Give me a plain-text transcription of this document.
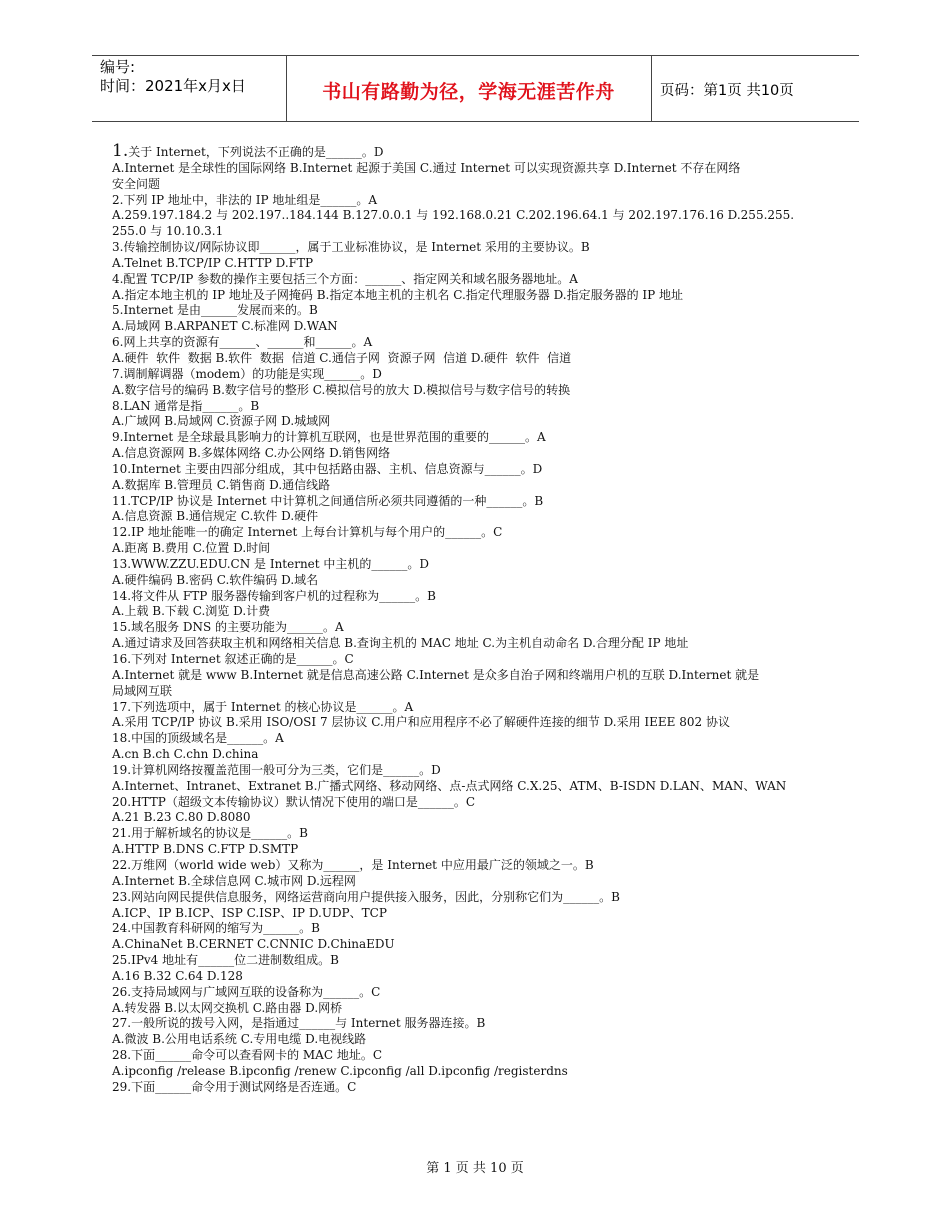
编号:
时间：2021年x月x日	书山有路勤为径，学海无涯苦作舟	页码：第1页 共10页
1.关于 Internet，下列说法不正确的是______。D
A.Internet 是全球性的国际网络 B.Internet 起源于美国 C.通过 Internet 可以实现资源共享 D.Internet 不存在网络
安全问题
2.下列 IP 地址中，非法的 IP 地址组是______。A
A.259.197.184.2 与 202.197..184.144 B.127.0.0.1 与 192.168.0.21 C.202.196.64.1 与 202.197.176.16 D.255.255.
255.0 与 10.10.3.1
3.传输控制协议/网际协议即______，属于工业标准协议，是 Internet 采用的主要协议。B
A.Telnet B.TCP/IP C.HTTP D.FTP
4.配置 TCP/IP 参数的操作主要包括三个方面：______、指定网关和域名服务器地址。A
A.指定本地主机的 IP 地址及子网掩码 B.指定本地主机的主机名 C.指定代理服务器 D.指定服务器的 IP 地址
5.Internet 是由______发展而来的。B
A.局域网 B.ARPANET C.标准网 D.WAN
6.网上共享的资源有______、______和______。A
A.硬件  软件  数据 B.软件  数据  信道 C.通信子网  资源子网  信道 D.硬件  软件  信道
7.调制解调器（modem）的功能是实现______。D
A.数字信号的编码 B.数字信号的整形 C.模拟信号的放大 D.模拟信号与数字信号的转换
8.LAN 通常是指______。B
A.广域网 B.局域网 C.资源子网 D.城域网
9.Internet 是全球最具影响力的计算机互联网，也是世界范围的重要的______。A
A.信息资源网 B.多媒体网络 C.办公网络 D.销售网络
10.Internet 主要由四部分组成，其中包括路由器、主机、信息资源与______。D
A.数据库 B.管理员 C.销售商 D.通信线路
11.TCP/IP 协议是 Internet 中计算机之间通信所必须共同遵循的一种______。B
A.信息资源 B.通信规定 C.软件 D.硬件
12.IP 地址能唯一的确定 Internet 上每台计算机与每个用户的______。C
A.距离 B.费用 C.位置 D.时间
13.WWW.ZZU.EDU.CN 是 Internet 中主机的______。D
A.硬件编码 B.密码 C.软件编码 D.域名
14.将文件从 FTP 服务器传输到客户机的过程称为______。B
A.上载 B.下载 C.浏览 D.计费
15.域名服务 DNS 的主要功能为______。A
A.通过请求及回答获取主机和网络相关信息 B.查询主机的 MAC 地址 C.为主机自动命名 D.合理分配 IP 地址
16.下列对 Internet 叙述正确的是______。C
A.Internet 就是 www B.Internet 就是信息高速公路 C.Internet 是众多自治子网和终端用户机的互联 D.Internet 就是
局域网互联
17.下列选项中，属于 Internet 的核心协议是______。A
A.采用 TCP/IP 协议 B.采用 ISO/OSI 7 层协议 C.用户和应用程序不必了解硬件连接的细节 D.采用 IEEE 802 协议
18.中国的顶级域名是______。A
A.cn B.ch C.chn D.china
19.计算机网络按覆盖范围一般可分为三类，它们是______。D
A.Internet、Intranet、Extranet B.广播式网络、移动网络、点-点式网络 C.X.25、ATM、B-ISDN D.LAN、MAN、WAN
20.HTTP（超级文本传输协议）默认情况下使用的端口是______。C
A.21 B.23 C.80 D.8080
21.用于解析域名的协议是______。B
A.HTTP B.DNS C.FTP D.SMTP
22.万维网（world wide web）又称为______，是 Internet 中应用最广泛的领域之一。B
A.Internet B.全球信息网 C.城市网 D.远程网
23.网站向网民提供信息服务，网络运营商向用户提供接入服务，因此，分别称它们为______。B
A.ICP、IP B.ICP、ISP C.ISP、IP D.UDP、TCP
24.中国教育科研网的缩写为______。B
A.ChinaNet B.CERNET C.CNNIC D.ChinaEDU
25.IPv4 地址有______位二进制数组成。B
A.16 B.32 C.64 D.128
26.支持局域网与广域网互联的设备称为______。C
A.转发器 B.以太网交换机 C.路由器 D.网桥
27.一般所说的拨号入网，是指通过______与 Internet 服务器连接。B
A.微波 B.公用电话系统 C.专用电缆 D.电视线路
28.下面______命令可以查看网卡的 MAC 地址。C
A.ipconfig /release B.ipconfig /renew C.ipconfig /all D.ipconfig /registerdns
29.下面______命令用于测试网络是否连通。C
第 1 页 共 10 页
